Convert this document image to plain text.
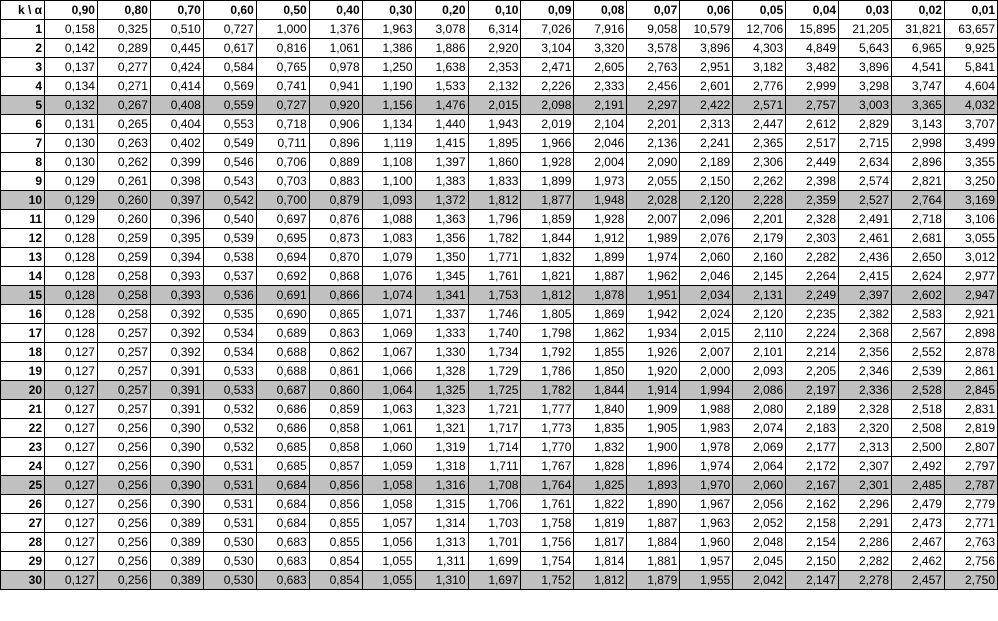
k \ α	0,90	0,80	0,70	0,60	0,50	0,40	0,30	0,20	0,10	0,09	0,08	0,07	0,06	0,05	0,04	0,03	0,02	0,01
1	0,158	0,325	0,510	0,727	1,000	1,376	1,963	3,078	6,314	7,026	7,916	9,058	10,579	12,706	15,895	21,205	31,821	63,657
2	0,142	0,289	0,445	0,617	0,816	1,061	1,386	1,886	2,920	3,104	3,320	3,578	3,896	4,303	4,849	5,643	6,965	9,925
3	0,137	0,277	0,424	0,584	0,765	0,978	1,250	1,638	2,353	2,471	2,605	2,763	2,951	3,182	3,482	3,896	4,541	5,841
4	0,134	0,271	0,414	0,569	0,741	0,941	1,190	1,533	2,132	2,226	2,333	2,456	2,601	2,776	2,999	3,298	3,747	4,604
5	0,132	0,267	0,408	0,559	0,727	0,920	1,156	1,476	2,015	2,098	2,191	2,297	2,422	2,571	2,757	3,003	3,365	4,032
6	0,131	0,265	0,404	0,553	0,718	0,906	1,134	1,440	1,943	2,019	2,104	2,201	2,313	2,447	2,612	2,829	3,143	3,707
7	0,130	0,263	0,402	0,549	0,711	0,896	1,119	1,415	1,895	1,966	2,046	2,136	2,241	2,365	2,517	2,715	2,998	3,499
8	0,130	0,262	0,399	0,546	0,706	0,889	1,108	1,397	1,860	1,928	2,004	2,090	2,189	2,306	2,449	2,634	2,896	3,355
9	0,129	0,261	0,398	0,543	0,703	0,883	1,100	1,383	1,833	1,899	1,973	2,055	2,150	2,262	2,398	2,574	2,821	3,250
10	0,129	0,260	0,397	0,542	0,700	0,879	1,093	1,372	1,812	1,877	1,948	2,028	2,120	2,228	2,359	2,527	2,764	3,169
11	0,129	0,260	0,396	0,540	0,697	0,876	1,088	1,363	1,796	1,859	1,928	2,007	2,096	2,201	2,328	2,491	2,718	3,106
12	0,128	0,259	0,395	0,539	0,695	0,873	1,083	1,356	1,782	1,844	1,912	1,989	2,076	2,179	2,303	2,461	2,681	3,055
13	0,128	0,259	0,394	0,538	0,694	0,870	1,079	1,350	1,771	1,832	1,899	1,974	2,060	2,160	2,282	2,436	2,650	3,012
14	0,128	0,258	0,393	0,537	0,692	0,868	1,076	1,345	1,761	1,821	1,887	1,962	2,046	2,145	2,264	2,415	2,624	2,977
15	0,128	0,258	0,393	0,536	0,691	0,866	1,074	1,341	1,753	1,812	1,878	1,951	2,034	2,131	2,249	2,397	2,602	2,947
16	0,128	0,258	0,392	0,535	0,690	0,865	1,071	1,337	1,746	1,805	1,869	1,942	2,024	2,120	2,235	2,382	2,583	2,921
17	0,128	0,257	0,392	0,534	0,689	0,863	1,069	1,333	1,740	1,798	1,862	1,934	2,015	2,110	2,224	2,368	2,567	2,898
18	0,127	0,257	0,392	0,534	0,688	0,862	1,067	1,330	1,734	1,792	1,855	1,926	2,007	2,101	2,214	2,356	2,552	2,878
19	0,127	0,257	0,391	0,533	0,688	0,861	1,066	1,328	1,729	1,786	1,850	1,920	2,000	2,093	2,205	2,346	2,539	2,861
20	0,127	0,257	0,391	0,533	0,687	0,860	1,064	1,325	1,725	1,782	1,844	1,914	1,994	2,086	2,197	2,336	2,528	2,845
21	0,127	0,257	0,391	0,532	0,686	0,859	1,063	1,323	1,721	1,777	1,840	1,909	1,988	2,080	2,189	2,328	2,518	2,831
22	0,127	0,256	0,390	0,532	0,686	0,858	1,061	1,321	1,717	1,773	1,835	1,905	1,983	2,074	2,183	2,320	2,508	2,819
23	0,127	0,256	0,390	0,532	0,685	0,858	1,060	1,319	1,714	1,770	1,832	1,900	1,978	2,069	2,177	2,313	2,500	2,807
24	0,127	0,256	0,390	0,531	0,685	0,857	1,059	1,318	1,711	1,767	1,828	1,896	1,974	2,064	2,172	2,307	2,492	2,797
25	0,127	0,256	0,390	0,531	0,684	0,856	1,058	1,316	1,708	1,764	1,825	1,893	1,970	2,060	2,167	2,301	2,485	2,787
26	0,127	0,256	0,390	0,531	0,684	0,856	1,058	1,315	1,706	1,761	1,822	1,890	1,967	2,056	2,162	2,296	2,479	2,779
27	0,127	0,256	0,389	0,531	0,684	0,855	1,057	1,314	1,703	1,758	1,819	1,887	1,963	2,052	2,158	2,291	2,473	2,771
28	0,127	0,256	0,389	0,530	0,683	0,855	1,056	1,313	1,701	1,756	1,817	1,884	1,960	2,048	2,154	2,286	2,467	2,763
29	0,127	0,256	0,389	0,530	0,683	0,854	1,055	1,311	1,699	1,754	1,814	1,881	1,957	2,045	2,150	2,282	2,462	2,756
30	0,127	0,256	0,389	0,530	0,683	0,854	1,055	1,310	1,697	1,752	1,812	1,879	1,955	2,042	2,147	2,278	2,457	2,750
